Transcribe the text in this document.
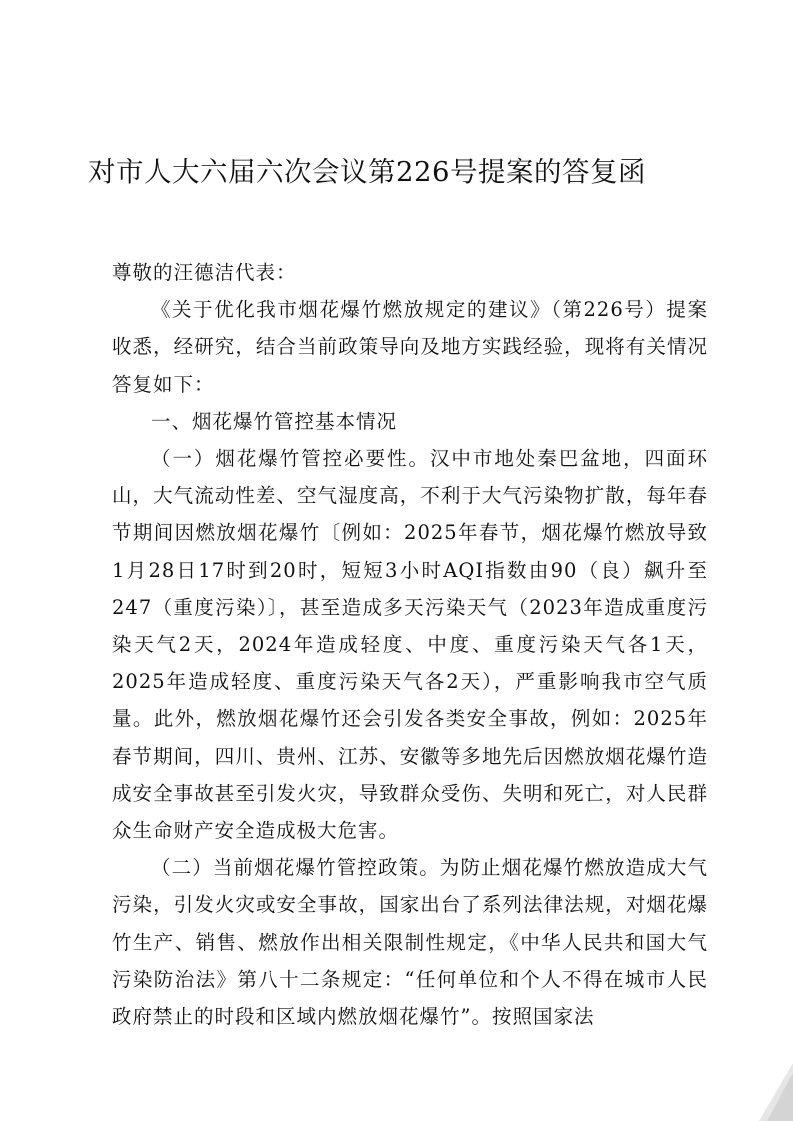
对市人大六届六次会议第226号提案的答复函

尊敬的汪德洁代表：

《关于优化我市烟花爆竹燃放规定的建议》（第226号）提案收悉，经研究，结合当前政策导向及地方实践经验，现将有关情况答复如下：

一、烟花爆竹管控基本情况

（一）烟花爆竹管控必要性。汉中市地处秦巴盆地，四面环山，大气流动性差、空气湿度高，不利于大气污染物扩散，每年春节期间因燃放烟花爆竹〔例如：2025年春节，烟花爆竹燃放导致1月28日17时到20时，短短3小时AQI指数由90（良）飙升至247（重度污染）〕，甚至造成多天污染天气（2023年造成重度污染天气2天，2024年造成轻度、中度、重度污染天气各1天，2025年造成轻度、重度污染天气各2天），严重影响我市空气质量。此外，燃放烟花爆竹还会引发各类安全事故，例如：2025年春节期间，四川、贵州、江苏、安徽等多地先后因燃放烟花爆竹造成安全事故甚至引发火灾，导致群众受伤、失明和死亡，对人民群众生命财产安全造成极大危害。

（二）当前烟花爆竹管控政策。为防止烟花爆竹燃放造成大气污染，引发火灾或安全事故，国家出台了系列法律法规，对烟花爆竹生产、销售、燃放作出相关限制性规定，《中华人民共和国大气污染防治法》第八十二条规定：“任何单位和个人不得在城市人民政府禁止的时段和区域内燃放烟花爆竹”。按照国家法
